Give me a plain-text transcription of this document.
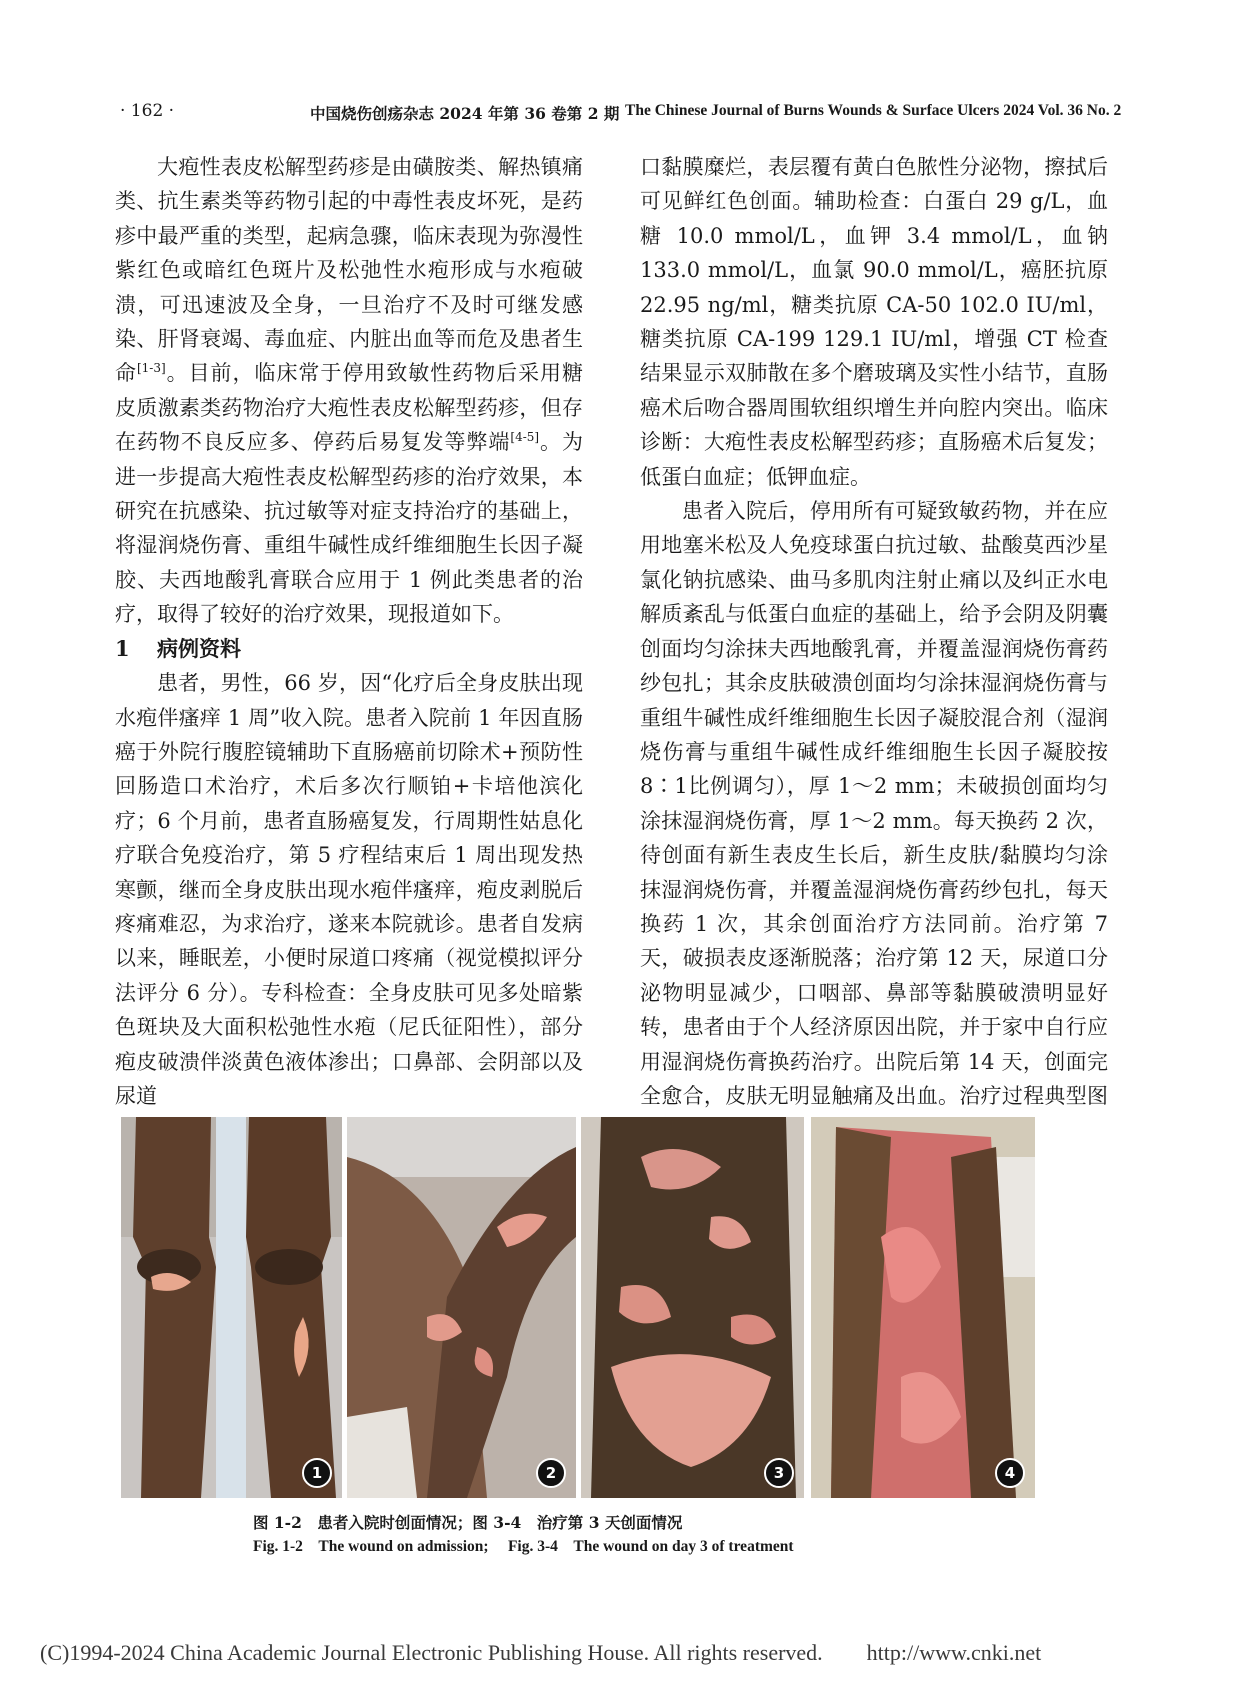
· 162 ·	中国烧伤创疡杂志 2024 年第 36 卷第 2 期 The Chinese Journal of Burns Wounds & Surface Ulcers 2024 Vol. 36 No. 2

大疱性表皮松解型药疹是由磺胺类、解热镇痛类、抗生素类等药物引起的中毒性表皮坏死，是药疹中最严重的类型，起病急骤，临床表现为弥漫性紫红色或暗红色斑片及松弛性水疱形成与水疱破溃，可迅速波及全身，一旦治疗不及时可继发感染、肝肾衰竭、毒血症、内脏出血等而危及患者生命[1-3]。目前，临床常于停用致敏性药物后采用糖皮质激素类药物治疗大疱性表皮松解型药疹，但存在药物不良反应多、停药后易复发等弊端[4-5]。为进一步提高大疱性表皮松解型药疹的治疗效果，本研究在抗感染、抗过敏等对症支持治疗的基础上，将湿润烧伤膏、重组牛碱性成纤维细胞生长因子凝胶、夫西地酸乳膏联合应用于 1 例此类患者的治疗，取得了较好的治疗效果，现报道如下。

1 病例资料

患者，男性，66 岁，因“化疗后全身皮肤出现水疱伴瘙痒 1 周”收入院。患者入院前 1 年因直肠癌于外院行腹腔镜辅助下直肠癌前切除术+预防性回肠造口术治疗，术后多次行顺铂+卡培他滨化疗；6 个月前，患者直肠癌复发，行周期性姑息化疗联合免疫治疗，第 5 疗程结束后 1 周出现发热寒颤，继而全身皮肤出现水疱伴瘙痒，疱皮剥脱后疼痛难忍，为求治疗，遂来本院就诊。患者自发病以来，睡眠差，小便时尿道口疼痛（视觉模拟评分法评分 6 分）。专科检查：全身皮肤可见多处暗紫色斑块及大面积松弛性水疱（尼氏征阳性），部分疱皮破溃伴淡黄色液体渗出；口鼻部、会阴部以及尿道

口黏膜糜烂，表层覆有黄白色脓性分泌物，擦拭后可见鲜红色创面。辅助检查：白蛋白 29 g/L，血糖 10.0 mmol/L，血钾 3.4 mmol/L，血钠 133.0 mmol/L，血氯 90.0 mmol/L，癌胚抗原 22.95 ng/ml，糖类抗原 CA-50 102.0 IU/ml，糖类抗原 CA-199 129.1 IU/ml，增强 CT 检查结果显示双肺散在多个磨玻璃及实性小结节，直肠癌术后吻合器周围软组织增生并向腔内突出。临床诊断：大疱性表皮松解型药疹；直肠癌术后复发；低蛋白血症；低钾血症。

患者入院后，停用所有可疑致敏药物，并在应用地塞米松及人免疫球蛋白抗过敏、盐酸莫西沙星氯化钠抗感染、曲马多肌肉注射止痛以及纠正水电解质紊乱与低蛋白血症的基础上，给予会阴及阴囊创面均匀涂抹夫西地酸乳膏，并覆盖湿润烧伤膏药纱包扎；其余皮肤破溃创面均匀涂抹湿润烧伤膏与重组牛碱性成纤维细胞生长因子凝胶混合剂（湿润烧伤膏与重组牛碱性成纤维细胞生长因子凝胶按 8∶1比例调匀），厚 1～2 mm；未破损创面均匀涂抹湿润烧伤膏，厚 1～2 mm。每天换药 2 次，待创面有新生表皮生长后，新生皮肤/黏膜均匀涂抹湿润烧伤膏，并覆盖湿润烧伤膏药纱包扎，每天换药 1 次，其余创面治疗方法同前。治疗第 7 天，破损表皮逐渐脱落；治疗第 12 天，尿道口分泌物明显减少，口咽部、鼻部等黏膜破溃明显好转，患者由于个人经济原因出院，并于家中自行应用湿润烧伤膏换药治疗。出院后第 14 天，创面完全愈合，皮肤无明显触痛及出血。治疗过程典型图

1	2	3	4
图 1-2　患者入院时创面情况；图 3-4　治疗第 3 天创面情况
Fig. 1-2　The wound on admission;　 Fig. 3-4　The wound on day 3 of treatment
(C)1994-2024 China Academic Journal Electronic Publishing House. All rights reserved.　　http://www.cnki.net
